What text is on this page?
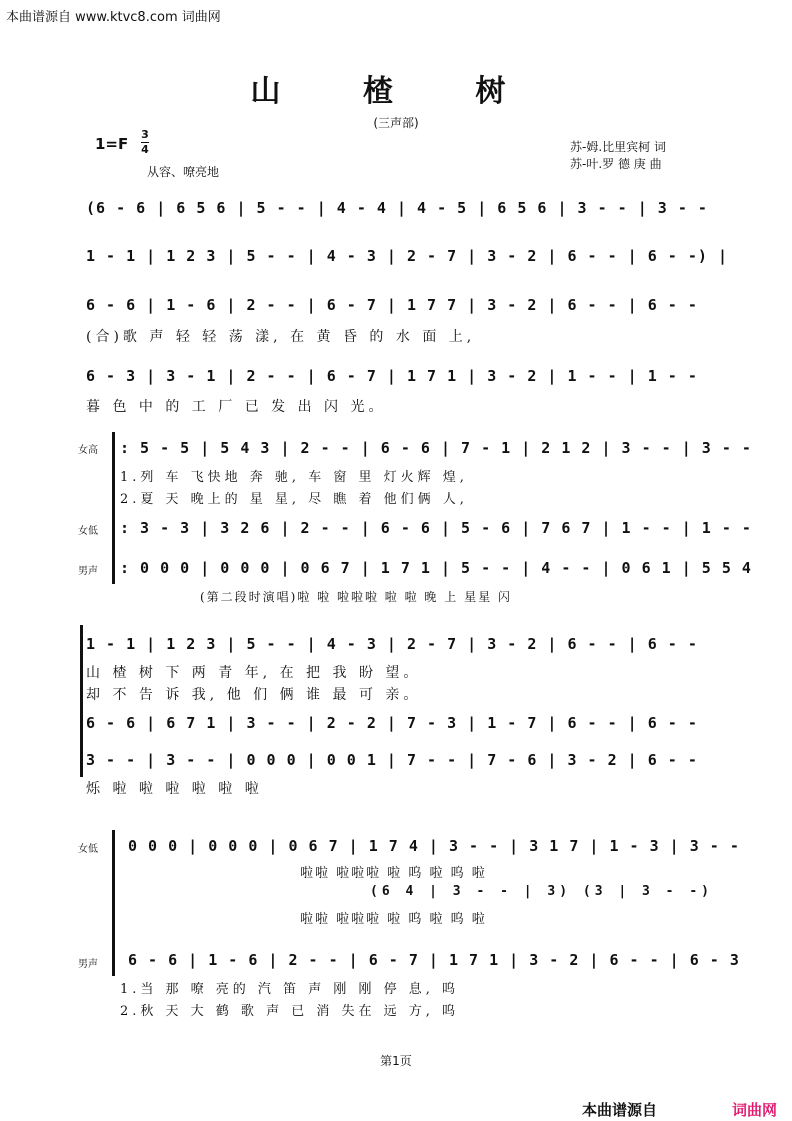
本曲谱源自 www.ktvc8.com 词曲网
山 楂 树
(三声部)
1=F
3
4
从容、嘹亮地
苏-姆.比里宾柯 词
苏-叶.罗 德 庚 曲
(6 - 6 | 6 5 6 | 5 - - | 4 - 4 | 4 - 5 | 6 5 6 | 3 - - | 3 - -
1 - 1 | 1 2 3 | 5 - - | 4 - 3 | 2 - 7 | 3 - 2 | 6 - - | 6 - -) |
6 - 6 | 1 - 6 | 2 - - | 6 - 7 | 1 7 7 | 3 - 2 | 6 - - | 6 - -
(合)歌 声 轻 轻 荡 漾, 在 黄 昏 的 水 面 上,
6 - 3 | 3 - 1 | 2 - - | 6 - 7 | 1 7 1 | 3 - 2 | 1 - - | 1 - -
暮 色 中 的 工 厂 已 发 出 闪 光。
女高
女低
男声
: 5 - 5 | 5 4 3 | 2 - - | 6 - 6 | 7 - 1 | 2 1 2 | 3 - - | 3 - -
1.列 车 飞快地 奔 驰, 车 窗 里 灯火辉 煌,
2.夏 天 晚上的 星 星, 尽 瞧 着 他们俩 人,
: 3 - 3 | 3 2 6 | 2 - - | 6 - 6 | 5 - 6 | 7 6 7 | 1 - - | 1 - -
: 0 0 0 | 0 0 0 | 0 6 7 | 1 7 1 | 5 - - | 4 - - | 0 6 1 | 5 5 4
(第二段时演唱)啦 啦 啦啦啦 啦 啦 晚 上 星星 闪
1 - 1 | 1 2 3 | 5 - - | 4 - 3 | 2 - 7 | 3 - 2 | 6 - - | 6 - -
山 楂 树 下 两 青 年, 在 把 我 盼 望。
却 不 告 诉 我, 他 们 俩 谁 最 可 亲。
6 - 6 | 6 7 1 | 3 - - | 2 - 2 | 7 - 3 | 1 - 7 | 6 - - | 6 - -
3 - - | 3 - - | 0 0 0 | 0 0 1 | 7 - - | 7 - 6 | 3 - 2 | 6 - -
烁 啦 啦 啦 啦 啦 啦
女低
男声
0 0 0 | 0 0 0 | 0 6 7 | 1 7 4 | 3 - - | 3 1 7 | 1 - 3 | 3 - -
啦啦 啦啦啦 啦 呜 啦 呜 啦
(6 4 | 3 - - | 3) (3 | 3 - -)
啦啦 啦啦啦 啦 呜 啦 呜 啦
6 - 6 | 1 - 6 | 2 - - | 6 - 7 | 1 7 1 | 3 - 2 | 6 - - | 6 - 3
1.当 那 嘹 亮的 汽 笛 声 刚 刚 停 息, 呜
2.秋 天 大 鹤 歌 声 已 消 失在 远 方, 呜
第1页
本曲谱源自	词曲网
